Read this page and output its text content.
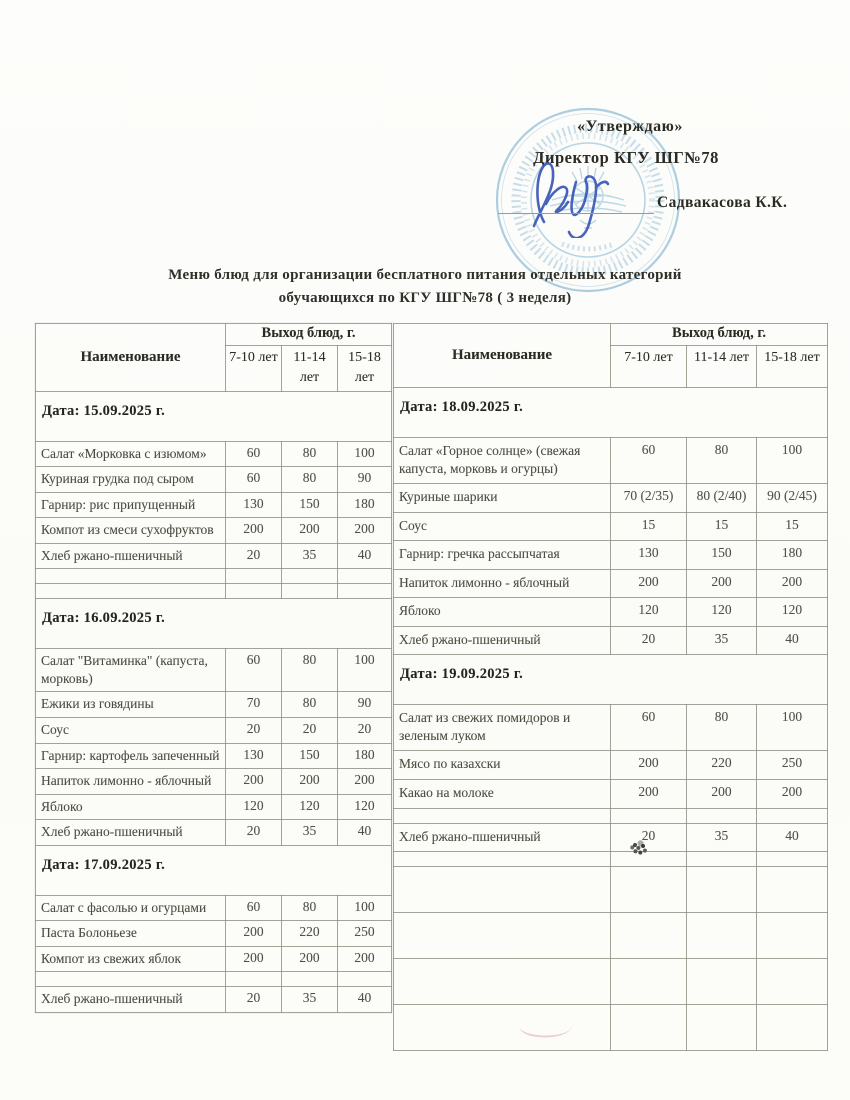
«Утверждаю»
Директор КГУ ШГ№78
Садвакасова К.К.
Меню блюд для организации бесплатного питания отдельных категорий
обучающихся по КГУ ШГ№78 ( 3 неделя)
Наименование	Выход блюд, г.		
	7-10 лет	11-14 лет	15-18 лет
Дата: 15.09.2025 г.			
Салат «Морковка с изюмом»	60	80	100
Куриная грудка под сыром	60	80	90
Гарнир: рис припущенный	130	150	180
Компот из смеси сухофруктов	200	200	200
Хлеб ржано-пшеничный	20	35	40

Дата: 16.09.2025 г.			
Салат "Витаминка" (капуста, морковь)	60	80	100
Ежики из говядины	70	80	90
Соус	20	20	20
Гарнир: картофель запеченный	130	150	180
Напиток лимонно - яблочный	200	200	200
Яблоко	120	120	120
Хлеб ржано-пшеничный	20	35	40
Дата: 17.09.2025 г.			
Салат с фасолью и огурцами	60	80	100
Паста Болоньезе	200	220	250
Компот из свежих яблок	200	200	200

Хлеб ржано-пшеничный	20	35	40
Наименование	Выход блюд, г.		
	7-10 лет	11-14 лет	15-18 лет
Дата: 18.09.2025 г.			
Салат «Горное солнце» (свежая капуста, морковь и огурцы)	60	80	100
Куриные шарики	70 (2/35)	80 (2/40)	90 (2/45)
Соус	15	15	15
Гарнир: гречка рассыпчатая	130	150	180
Напиток лимонно - яблочный	200	200	200
Яблоко	120	120	120
Хлеб ржано-пшеничный	20	35	40
Дата: 19.09.2025 г.			
Салат из свежих помидоров и зеленым луком	60	80	100
Мясо по казахски	200	220	250
Какао на молоке	200	200	200

Хлеб ржано-пшеничный	20	35	40
